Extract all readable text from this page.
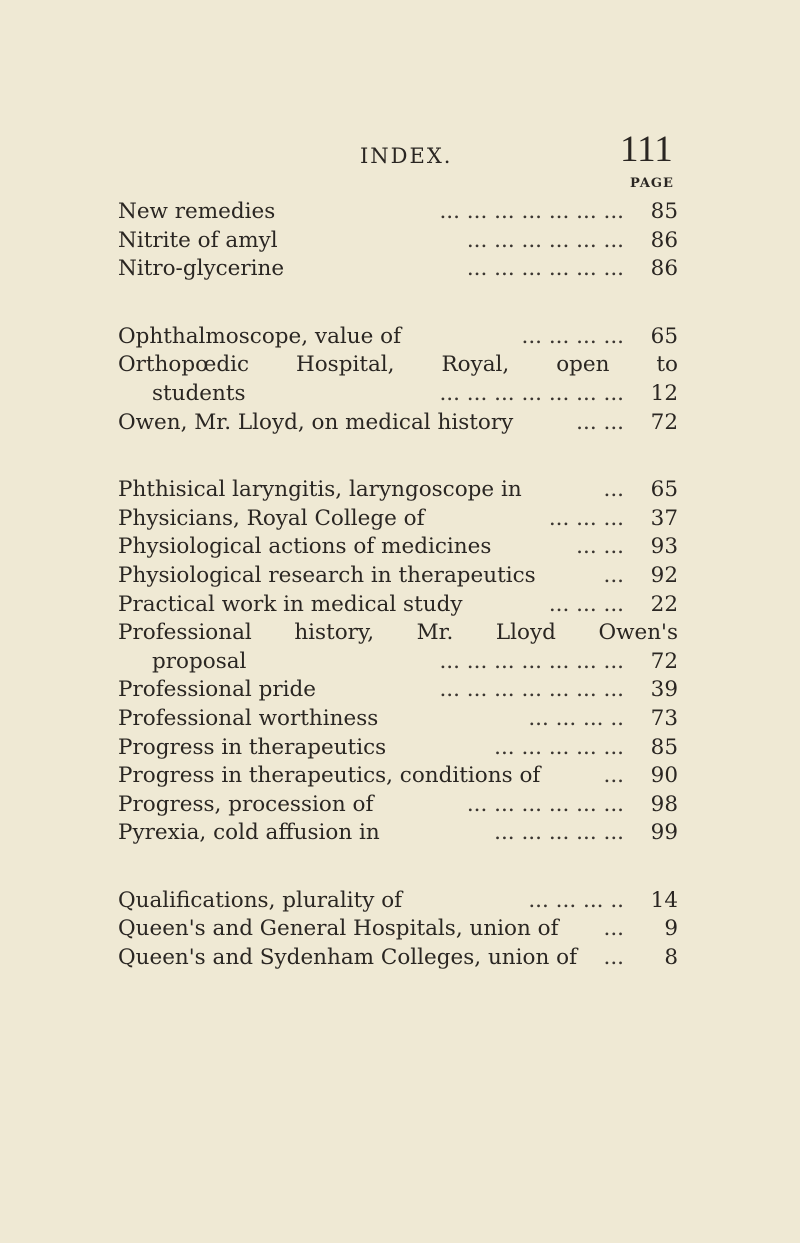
INDEX.	111
PAGE
New remedies	... ... ... ... ... ... ...	85
Nitrite of amyl	... ... ... ... ... ...	86
Nitro-glycerine	... ... ... ... ... ...	86
Ophthalmoscope, value of	... ... ... ...	65
Orthopœdic Hospital, Royal, open to
students	... ... ... ... ... ... ...	12
Owen, Mr. Lloyd, on medical history	... ...	72
Phthisical laryngitis, laryngoscope in	...	65
Physicians, Royal College of	... ... ...	37
Physiological actions of medicines	... ...	93
Physiological research in therapeutics	...	92
Practical work in medical study	... ... ...	22
Professional history, Mr. Lloyd Owen's
proposal	... ... ... ... ... ... ...	72
Professional pride	... ... ... ... ... ... ...	39
Professional worthiness	... ... ... ..	73
Progress in therapeutics	... ... ... ... ...	85
Progress in therapeutics, conditions of	...	90
Progress, procession of	... ... ... ... ... ...	98
Pyrexia, cold affusion in	... ... ... ... ...	99
Qualifications, plurality of	... ... ... ..	14
Queen's and General Hospitals, union of ...	9
Queen's and Sydenham Colleges, union of ...	8
